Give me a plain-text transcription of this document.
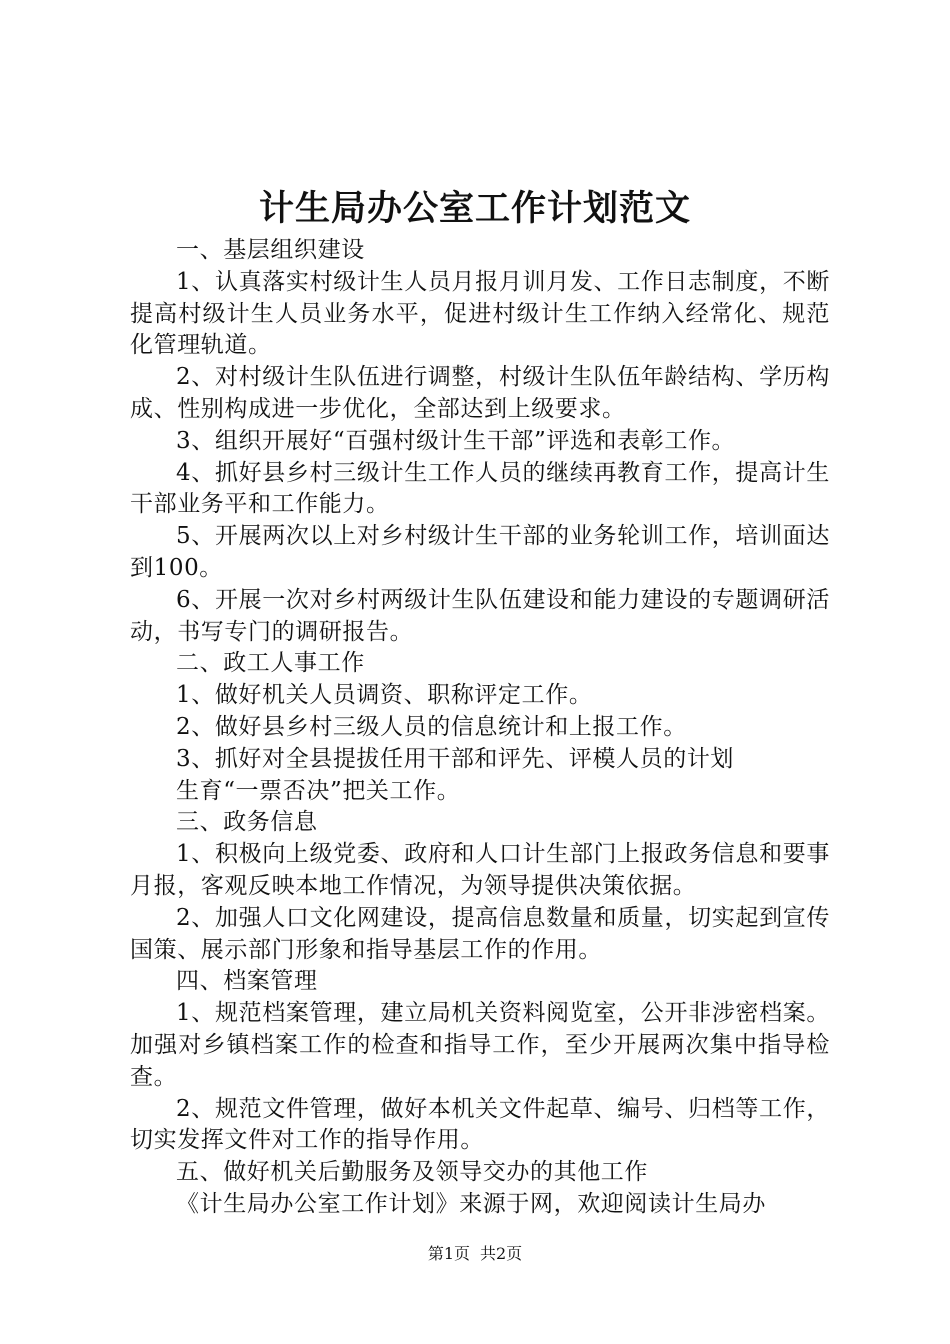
计生局办公室工作计划范文

一、基层组织建设

1、认真落实村级计生人员月报月训月发、工作日志制度，不断提高村级计生人员业务水平，促进村级计生工作纳入经常化、规范化管理轨道。

2、对村级计生队伍进行调整，村级计生队伍年龄结构、学历构成、性别构成进一步优化，全部达到上级要求。

3、组织开展好“百强村级计生干部”评选和表彰工作。

4、抓好县乡村三级计生工作人员的继续再教育工作，提高计生干部业务平和工作能力。

5、开展两次以上对乡村级计生干部的业务轮训工作，培训面达到100。

6、开展一次对乡村两级计生队伍建设和能力建设的专题调研活动，书写专门的调研报告。

二、政工人事工作

1、做好机关人员调资、职称评定工作。

2、做好县乡村三级人员的信息统计和上报工作。

3、抓好对全县提拔任用干部和评先、评模人员的计划

生育“一票否决”把关工作。

三、政务信息

1、积极向上级党委、政府和人口计生部门上报政务信息和要事月报，客观反映本地工作情况，为领导提供决策依据。

2、加强人口文化网建设，提高信息数量和质量，切实起到宣传国策、展示部门形象和指导基层工作的作用。

四、档案管理

1、规范档案管理，建立局机关资料阅览室，公开非涉密档案。加强对乡镇档案工作的检查和指导工作，至少开展两次集中指导检查。

2、规范文件管理，做好本机关文件起草、编号、归档等工作，切实发挥文件对工作的指导作用。

五、做好机关后勤服务及领导交办的其他工作

《计生局办公室工作计划》来源于网，欢迎阅读计生局办

第1页 共2页
